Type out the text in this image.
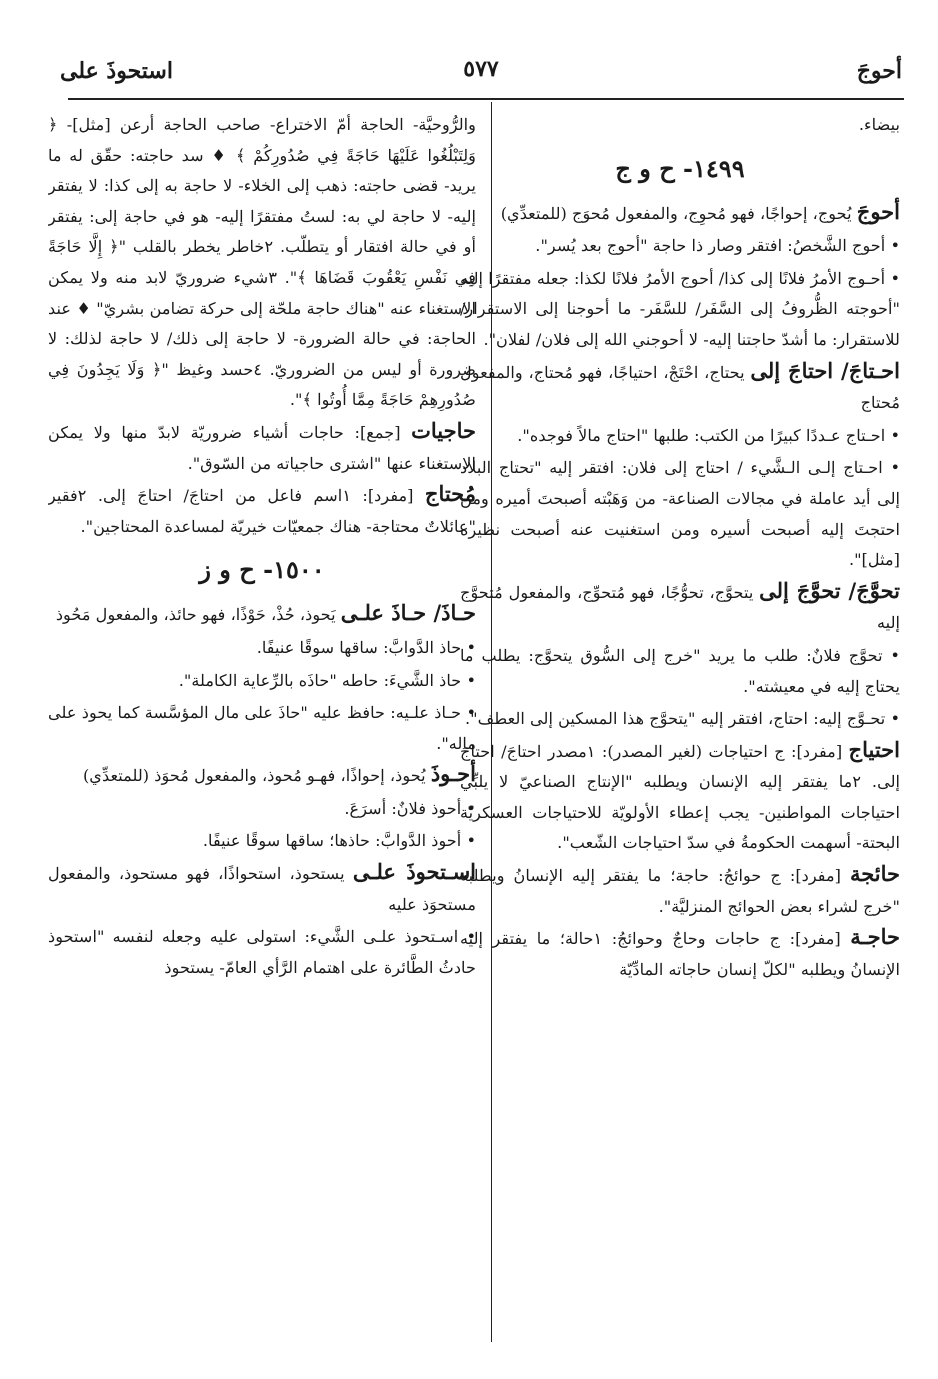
أحوجَ
٥٧٧
استحوذَ على

بيضاء.

١٤٩٩- ح و ج

أحوجَ يُحوج، إحواجًا، فهو مُحوِج، والمفعول مُحوَج (للمتعدِّي)

• أحوج الشَّخصُ: افتقر وصار ذا حاجة "أحوج بعد يُسر".

• أحـوج الأمرُ فلانًا إلى كذا/ أحوج الأمرُ فلانًا لكذا: جعله مفتقرًا إليه "أحوجته الظُّروفُ إلى السَّفَر/ للسَّفَر- ما أحوجنا إلى الاستقرار/ للاستقرار: ما أشدّ حاجتنا إليه- لا أحوجني الله إلى فلان/ لفلان".

احـتاجَ/ احتاجَ إلى يحتاج، احْتَجْ، احتياجًا، فهو مُحتاج، والمفعول مُحتاج

• احـتاج عـددًا كبيرًا من الكتب: طلبها "احتاج مالاً فوجده".

• احـتاج إلـى الـشَّيء / احتاج إلى فلان: افتقر إليه "تحتاج البلاد إلى أيد عاملة في مجالات الصناعة- من وَهَبْته أصبحتَ أميره ومن احتجتَ إليه أصبحت أسيره ومن استغنيت عنه أصبحت نظيره [مثل]".

تحوَّجَ/ تحوَّجَ إلى يتحوَّج، تحوُّجًا، فهو مُتحوِّج، والمفعول مُتحوَّج إليه

• تحوَّج فلانٌ: طلب ما يريد "خرج إلى السُّوق يتحوَّج: يطلب ما يحتاج إليه في معيشته".

• تحـوَّج إليه: احتاج، افتقر إليه "يتحوَّج هذا المسكين إلى العطف".

احتياج [مفرد]: ج احتياجات (لغير المصدر): ١مصدر احتاجَ/ احتاجَ إلى. ٢ما يفتقر إليه الإنسان ويطلبه "الإنتاج الصناعيّ لا يلبِّي احتياجات المواطنين- يجب إعطاء الأولويّة للاحتياجات العسكريّة البحتة- أسهمت الحكومةُ في سدّ احتياجات الشّعب".

حائجة [مفرد]: ج حوائجُ: حاجة؛ ما يفتقر إليه الإنسانُ ويطلبه "خرج لشراء بعض الحوائج المنزليَّة".

حاجـة [مفرد]: ج حاجات وحاجٌ وحوائجُ: ١حالة؛ ما يفتقر إليه الإنسانُ ويطلبه "لكلّ إنسان حاجاته المادِّيّة

والرُّوحيَّة- الحاجة أمّ الاختراع- صاحب الحاجة أرعن [مثل]- ﴿ وَلِتَبْلُغُوا عَلَيْهَا حَاجَةً فِي صُدُورِكُمْ ﴾ ♦ سد حاجته: حقّق له ما يريد- قضى حاجته: ذهب إلى الخلاء- لا حاجة به إلى كذا: لا يفتقر إليه- لا حاجة لي به: لستُ مفتقرًا إليه- هو في حاجة إلى: يفتقر أو في حالة افتقار أو يتطلّب. ٢خاطر يخطر بالقلب "﴿ إِلَّا حَاجَةً فِي نَفْسِ يَعْقُوبَ قَضَاهَا ﴾". ٣شيء ضروريّ لابد منه ولا يمكن الاستغناء عنه "هناك حاجة ملحّة إلى حركة تضامن بشريّ" ♦ عند الحاجة: في حالة الضرورة- لا حاجة إلى ذلك/ لا حاجة لذلك: لا ضرورة أو ليس من الضروريّ. ٤حسد وغيظ "﴿ وَلَا يَجِدُونَ فِي صُدُورِهِمْ حَاجَةً مِمَّا أُوتُوا ﴾".

حاجيات [جمع]: حاجات أشياء ضروريّة لابدّ منها ولا يمكن الاستغناء عنها "اشترى حاجياته من السّوق".

مُحتاج [مفرد]: ١اسم فاعل من احتاجَ/ احتاجَ إلى. ٢فقير "عائلاتٌ محتاجة- هناك جمعيّات خيريّة لمساعدة المحتاجين".

١٥٠٠- ح و ز

حـاذَ/ حـاذَ علـى يَحوذ، حُذْ، حَوْذًا، فهو حائذ، والمفعول مَحُوذ

• حاذ الدَّوابَّ: ساقها سوقًا عنيفًا.

• حاذ الشَّيءَ: حاطه "حاذَه بالرِّعاية الكاملة".

• حـاذ علـيه: حافظ عليه "حاذَ على مال المؤسَّسة كما يحوذ على ماله".

أحـوذَ يُحوذ، إحواذًا، فهـو مُحوذ، والمفعول مُحوَذ (للمتعدِّي)

• أحوذ فلانٌ: أسرَعَ.

• أحوذ الدَّوابَّ: حاذها؛ ساقها سوقًا عنيفًا.

اسـتحوذَ علـى يستحوذ، استحواذًا، فهو مستحوذ، والمفعول مستحوَذ عليه

• اسـتحوذ علـى الشَّيء: استولى عليه وجعله لنفسه "استحوذ حادثُ الطَّائرة على اهتمام الرَّأي العامّ- يستحوذ
